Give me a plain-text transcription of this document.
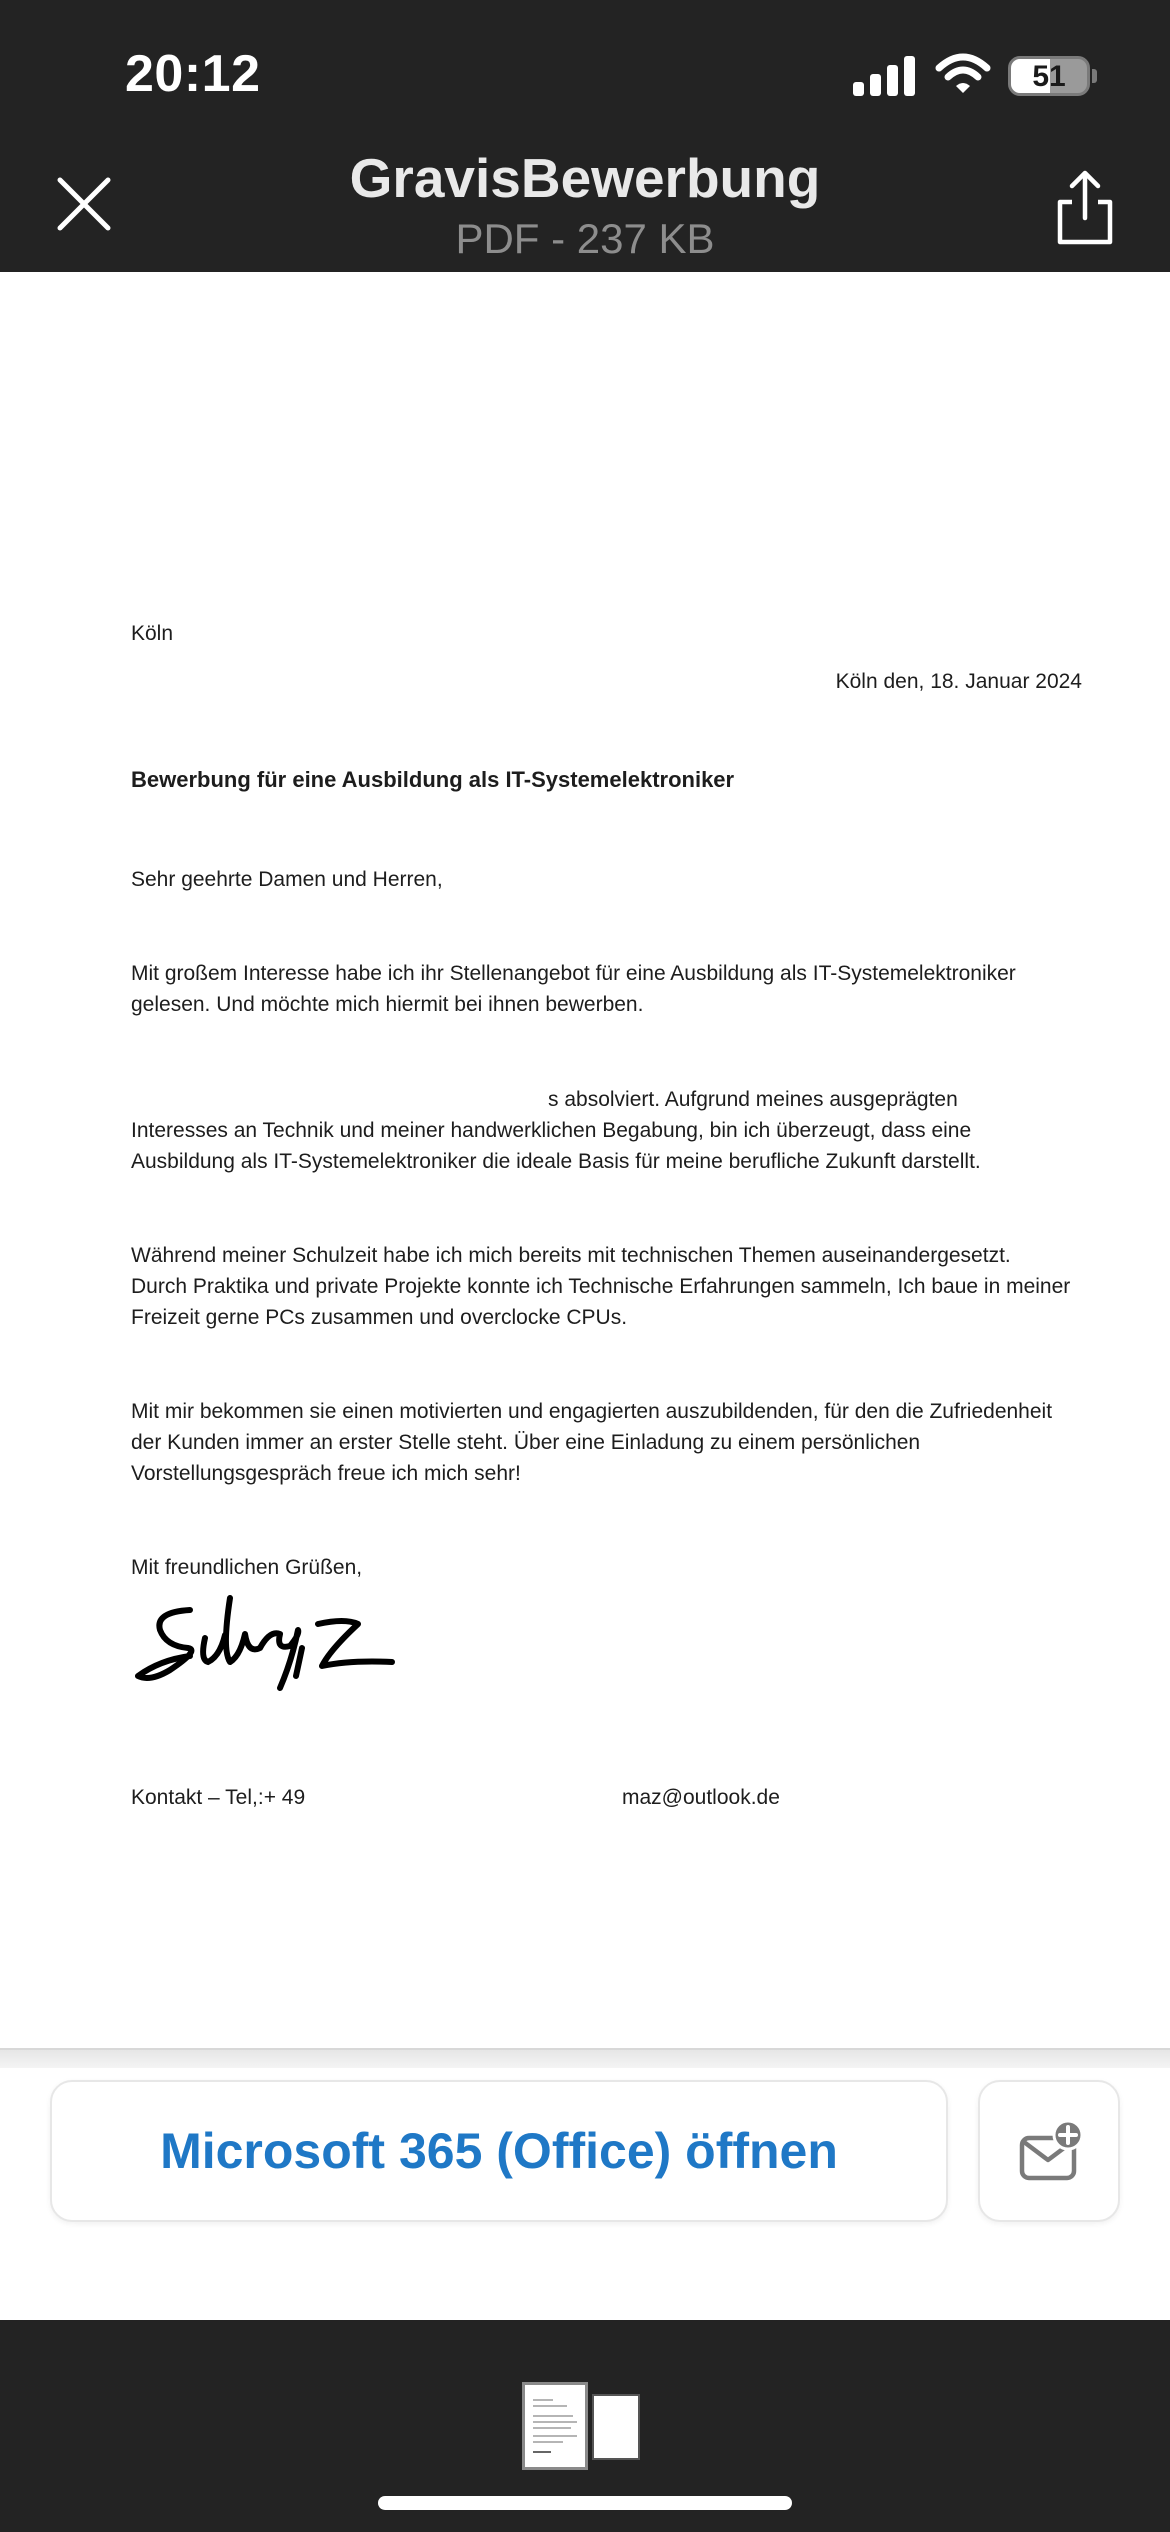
20:12	51
GravisBewerbung
PDF - 237 KB

Köln

Köln den, 18. Januar 2024

Bewerbung für eine Ausbildung als IT-Systemelektroniker

Sehr geehrte Damen und Herren,

Mit großem Interesse habe ich ihr Stellenangebot für eine Ausbildung als IT-Systemelektroniker

gelesen. Und möchte mich hiermit bei ihnen bewerben.

s absolviert. Aufgrund meines ausgeprägten

Interesses an Technik und meiner handwerklichen Begabung, bin ich überzeugt, dass eine

Ausbildung als IT-Systemelektroniker die ideale Basis für meine berufliche Zukunft darstellt.

Während meiner Schulzeit habe ich mich bereits mit technischen Themen auseinandergesetzt.

Durch Praktika und private Projekte konnte ich Technische Erfahrungen sammeln, Ich baue in meiner

Freizeit gerne PCs zusammen und overclocke CPUs.

Mit mir bekommen sie einen motivierten und engagierten auszubildenden, für den die Zufriedenheit

der Kunden immer an erster Stelle steht. Über eine Einladung zu einem persönlichen

Vorstellungsgespräch freue ich mich sehr!

Mit freundlichen Grüßen,

Kontakt – Tel,:+ 49	maz@outlook.de

Microsoft 365 (Office) öffnen
